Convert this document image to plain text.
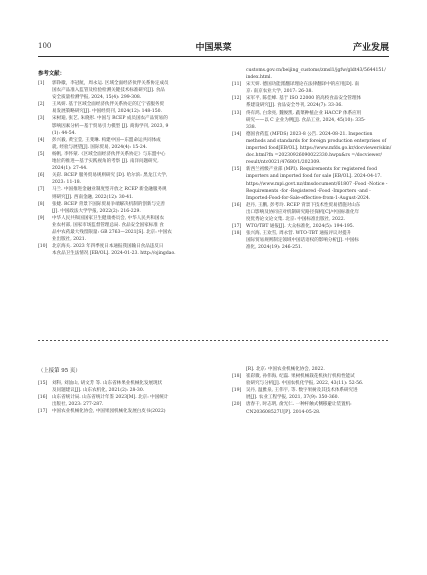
100	中国果菜	产业发展
参考文献：
[1] 郭铮徽，李冠航，周永运. 区域全面经济伙伴关系协定成员
国农产品准入监管及检验检测关键技术标准研究[J]. 食品
安全质量检测学报, 2024, 15(4): 299-308.
[2] 王凤妍. 基于区域全面经济伙伴关系协定的辽宁省服务贸
易发展策略研究[J]. 中国经贸刊, 2024(12): 148-150.
[3] 宋树迪, 张艺, 朱晓彤. 中国与 RCEP 成员国农产品贸易的
影响因素分析—基于贸易引力模型 [J]. 商海学刊, 2023, 9
(1): 44-54.
[4] 彭兴毅, 黄宝莹, 王斐琳. 构建中国—东盟命运共同体成
就, 经验与展望[J]. 国际贸易, 2024(4): 15-24.
[5] 杨帆, 李怀蒙.《区域全面经济伙伴关系协定》与东盟中心
地位的推进—基于实践视角的考察 [J]. 南洋问题研究,
2024(1): 27-44.
[6] 关彩. RCEP 服务贸易规则研究 [D]. 哈尔滨: 黑龙江大学,
2023: 11-18.
[7] 马兰. 中国推进金融业制度型开放之 RCEP 新金融服务规
则研究[J]. 西南金融, 2022(12): 30-41.
[8] 张婕. RCEP 背景下国际贸易争端解决机制的创新与完善
[J]. 中国政法大学学报, 2022(2): 216-229.
[9] 中华人民共和国国家卫生健康委员会, 中华人民共和国农
业农村部, 国家市场监督管理总局. 食品安全国家标准 食
品中农药最大残留限量: GB 2763—2021[S]. 北京: 中国农
业出版社, 2021.
[10] 北京海关. 2023 年四季度日本通报我国输日食品违反日
本食品卫生法情况 [EB/OL]. 2024-01-23. http://ojingdao.
customs.gov.cn/beijing_customs/zmsl1/jgfw/gldt43/5644151/
index.html.
[11] 宋天妍. 德国功能派翻译理论在法律翻译中的应用[D]. 南
京: 南京农业大学, 2017: 26-38.
[12] 宋军平, 陈佳峰. 基于 ISO 22000 的高校食品安全管理体
系建设研究[J]. 食品安全导刊, 2024(7): 33-36.
[13] 佟有鸿, 白余亮, 魏俊凯. 蔬菜种植企业 HACCP 体系应用
研究——以 C 企业为例[J]. 食品工业, 2024, 45(10): 335-
338.
[14] 德国食药监 (MFDS) 2023-8 公告. 2024-08-21. Inspection
methods and standards for foreign production enterprises of
imported food[EB/OL]. https://www.mfds.go.kr/docviewer/skin/
doc.html?fn =20230926090022330.hwpx&rs =/docviewer/
result/ntc0021/47680/1/202309.
[15] 新西兰初级产业部 (MPI). Requirements for registered food
importers and imported food for sale [EB/OL]. 2024-04-17.
https://www.mpi.govt.nz/dmsdocument/61807 -Food -Notice -
Requirements -for -Registered -Food -Importers -and -
Imported-Food-for-Sale-effective-from-1-August-2024.
[16] 赵丹, 王鹏, 彭考玲. RCEP 背景下技术性贸易措施对山东
出口影响及协同应对机制研究路径探析[C]/中国标准化年
度优秀论文论文集. 北京: 中国标准出版社, 2022.
[17] WTO/TBT 通报[J]. 大众标准化, 2024(5): 194-195.
[18] 张兴海, 王欢雪, 周永营. WTO-TBT 通报评议对提升
国际贸易规则制定领域中国话语权的影响分析[J]. 中国标
准化, 2024(19): 246-251.
（上接第 95 页）
[15] 刘科, 刘汕山, 胡文芳 等. 山东省林果业机械化发展现状
及问题建议[J]. 山东农机化, 2021(2): 28-30.
[16] 山东省统计局. 山东省统计年鉴 2023[M]. 北京: 中国统计
出版社, 2023: 277-287.
[17] 中国农业机械化协会, 中国果园机械化发展白皮书(2022)
[R]. 北京: 中国农业机械化协会, 2022.
[18] 崔彩微, 孙伟海, 纪磊. 果树机械栽花机执行机构性能试
验研究与分析[J]. 中国农机化学报, 2022, 43(11): 52-56.
[19] 吴丹, 温雅泉, 王伟宇, 等. 数字果树及其技术体系研究进
展[J]. 农业工程学报, 2021, 37(9): 350-360.
[20] 唐春干, 时志明, 俞光仁. 一种杆触式侧移避让装置机:
CN203608527U[P]. 2014-05-28.
